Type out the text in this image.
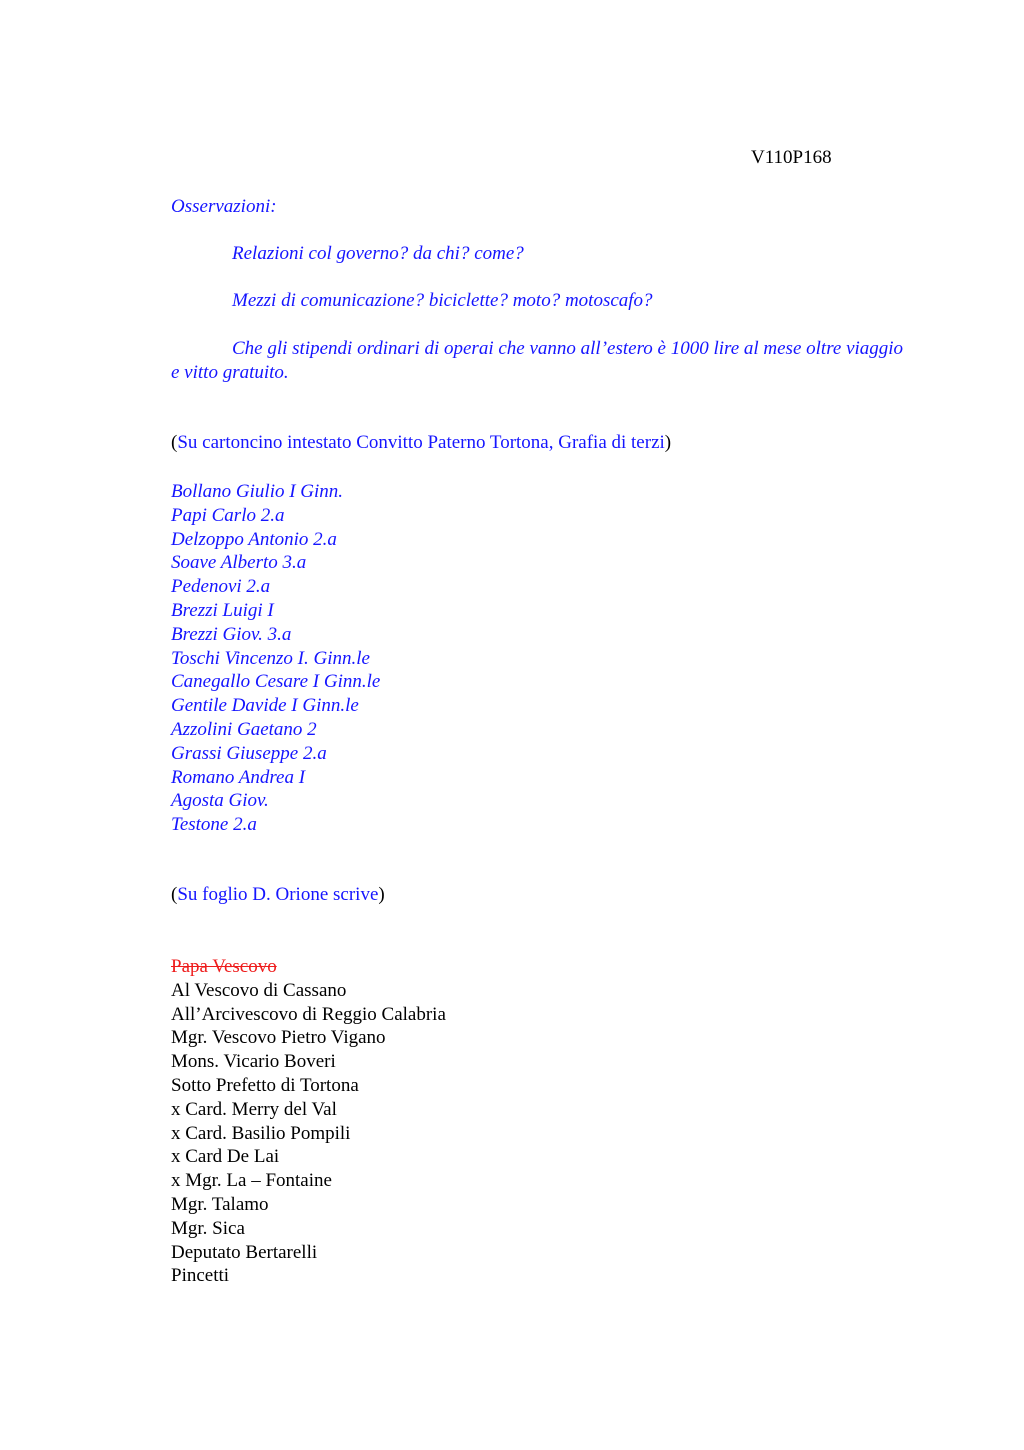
V110P168
Osservazioni:
Relazioni col governo? da chi? come?
Mezzi di comunicazione? biciclette? moto? motoscafo?
Che gli stipendi ordinari di operai che vanno all’estero è 1000 lire al mese oltre viaggio e vitto gratuito.
(Su cartoncino intestato Convitto Paterno Tortona, Grafia di terzi)
Bollano Giulio I Ginn.
Papi Carlo 2.a
Delzoppo Antonio 2.a
Soave Alberto 3.a
Pedenovi 2.a
Brezzi Luigi I
Brezzi Giov. 3.a
Toschi Vincenzo I. Ginn.le
Canegallo Cesare I Ginn.le
Gentile Davide I Ginn.le
Azzolini Gaetano 2
Grassi Giuseppe 2.a
Romano Andrea I
Agosta Giov.
Testone 2.a
(Su foglio D. Orione scrive)
Papa Vescovo
Al Vescovo di Cassano
All’Arcivescovo di Reggio Calabria
Mgr. Vescovo Pietro Vigano
Mons. Vicario Boveri
Sotto Prefetto di Tortona
x Card. Merry del Val
x Card. Basilio Pompili
x Card De Lai
x Mgr. La – Fontaine
Mgr. Talamo
Mgr. Sica
Deputato Bertarelli
Pincetti
